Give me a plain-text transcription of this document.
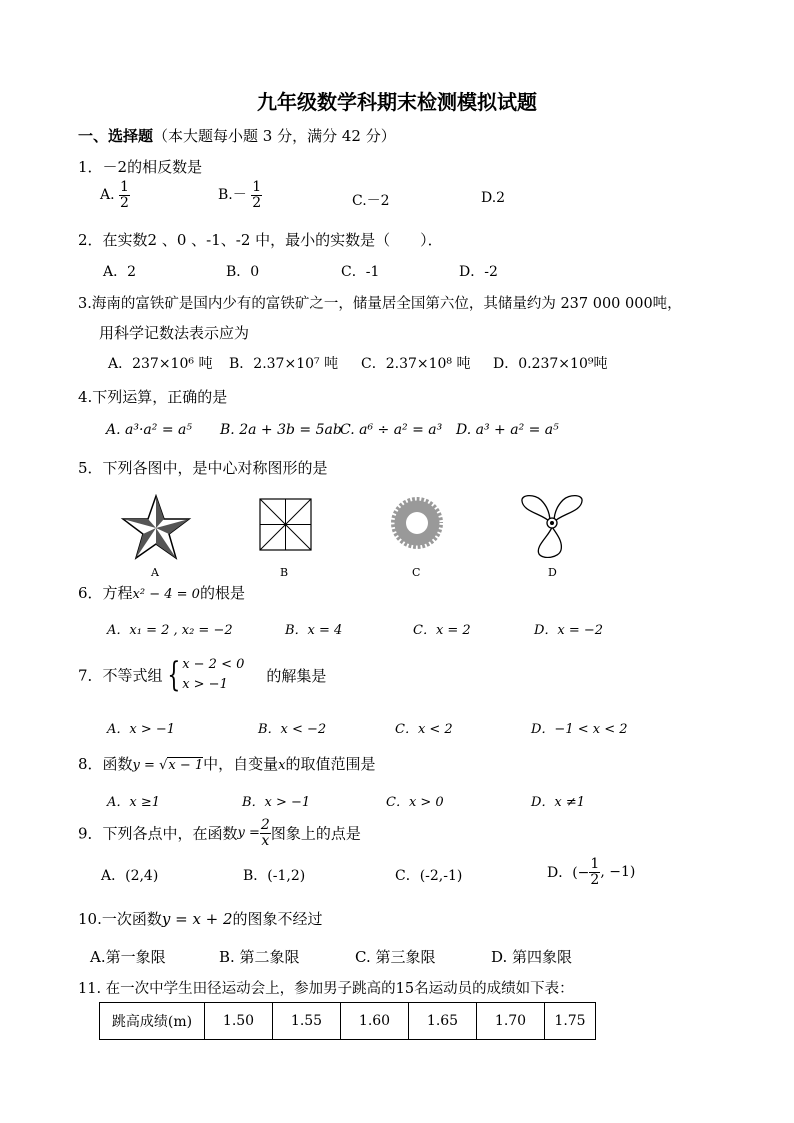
九年级数学科期末检测模拟试题
一、选择题（本大题每小题 3 分，满分 42 分）
1．－2的相反数是
A. $\frac{1}{2}$	$B.- \frac{1}{2}$	C.－2	D.2
2．在实数2 、0 、-1、-2 中，最小的实数是（　　）．
A．2	B．0	C．-1	D．-2
3.海南的富铁矿是国内少有的富铁矿之一，储量居全国第六位，其储量约为 237 000 000吨，
用科学记数法表示应为
A．237×10⁶ 吨 B．2.37×10⁷ 吨 C．2.37×10⁸ 吨 D．0.237×10⁹吨
4.下列运算，正确的是
A. a³·a² = a⁵ B. 2a + 3b = 5ab
C. a⁶ ÷ a² = a³ D. a³ + a² = a⁵
5．下列各图中，是中心对称图形的是
A	B	C	D
6．方程x² − 4 = 0的根是
A．x₁ = 2 , x₂ = −2	B．x = 4	C．x = 2	D．x = −2
7．不等式组 { x − 2 < 0
x > −1	的解集是
A．x > −1	B．x < −2	C．x < 2	D．−1 < x < 2
8．函数y = √x − 1中，自变量x的取值范围是
A．x ≥1	B．x > −1	C．x > 0	D．x ≠1
9．下列各点中，在函数$y = \frac{2}{x}$ 图象上的点是
A．(2,4)	B．(-1,2)	C．(-2,-1)	D．(− $\frac{1}{2}$ , −1)
10.一次函数y = x + 2的图象不经过
A.第一象限	B. 第二象限	C. 第三象限	D. 第四象限
11. 在一次中学生田径运动会上，参加男子跳高的15名运动员的成绩如下表：
跳高成绩(m)	1.50	1.55	1.60	1.65	1.70	1.75
